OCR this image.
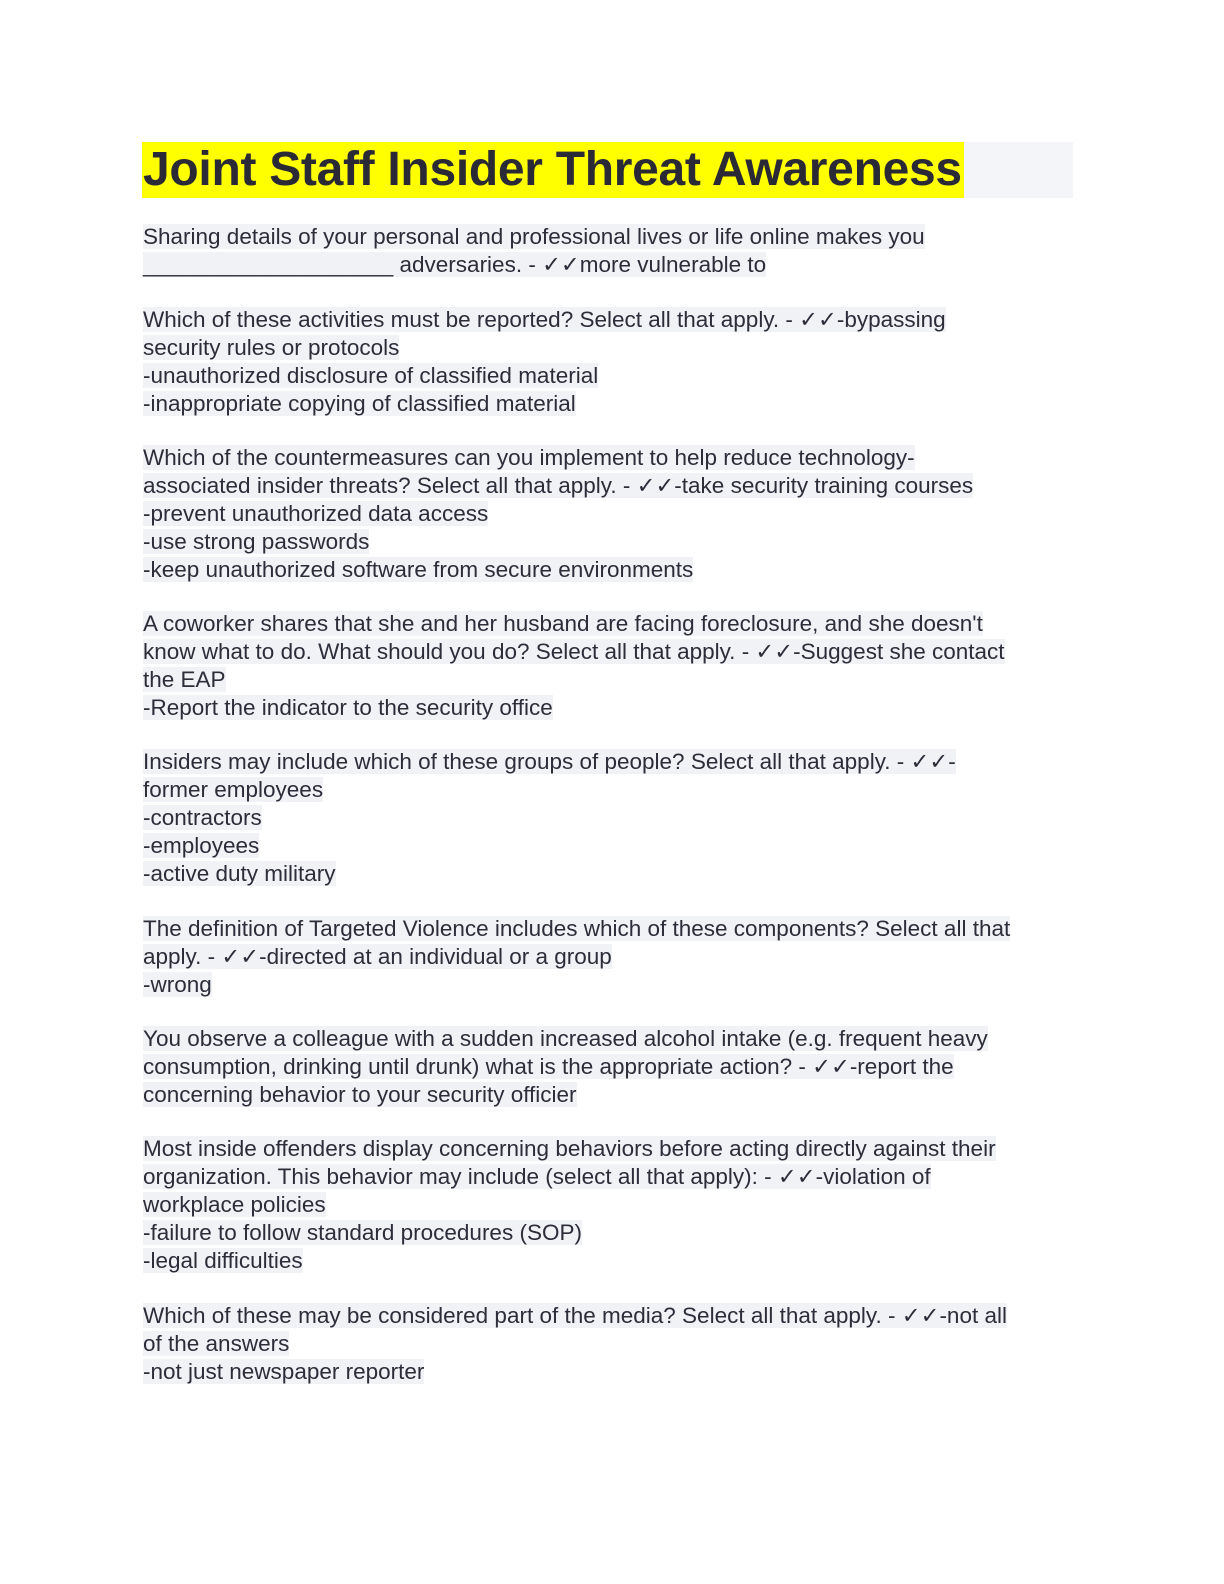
Joint Staff Insider Threat Awareness
Sharing details of your personal and professional lives or life online makes you
____________________ adversaries. - ✓✓more vulnerable to
Which of these activities must be reported? Select all that apply. - ✓✓-bypassing
security rules or protocols
-unauthorized disclosure of classified material
-inappropriate copying of classified material
Which of the countermeasures can you implement to help reduce technology-
associated insider threats? Select all that apply. - ✓✓-take security training courses
-prevent unauthorized data access
-use strong passwords
-keep unauthorized software from secure environments
A coworker shares that she and her husband are facing foreclosure, and she doesn't
know what to do. What should you do? Select all that apply. - ✓✓-Suggest she contact
the EAP
-Report the indicator to the security office
Insiders may include which of these groups of people? Select all that apply. - ✓✓-
former employees
-contractors
-employees
-active duty military
The definition of Targeted Violence includes which of these components? Select all that
apply. - ✓✓-directed at an individual or a group
-wrong
You observe a colleague with a sudden increased alcohol intake (e.g. frequent heavy
consumption, drinking until drunk) what is the appropriate action? - ✓✓-report the
concerning behavior to your security officier
Most inside offenders display concerning behaviors before acting directly against their
organization. This behavior may include (select all that apply): - ✓✓-violation of
workplace policies
-failure to follow standard procedures (SOP)
-legal difficulties
Which of these may be considered part of the media? Select all that apply. - ✓✓-not all
of the answers
-not just newspaper reporter
